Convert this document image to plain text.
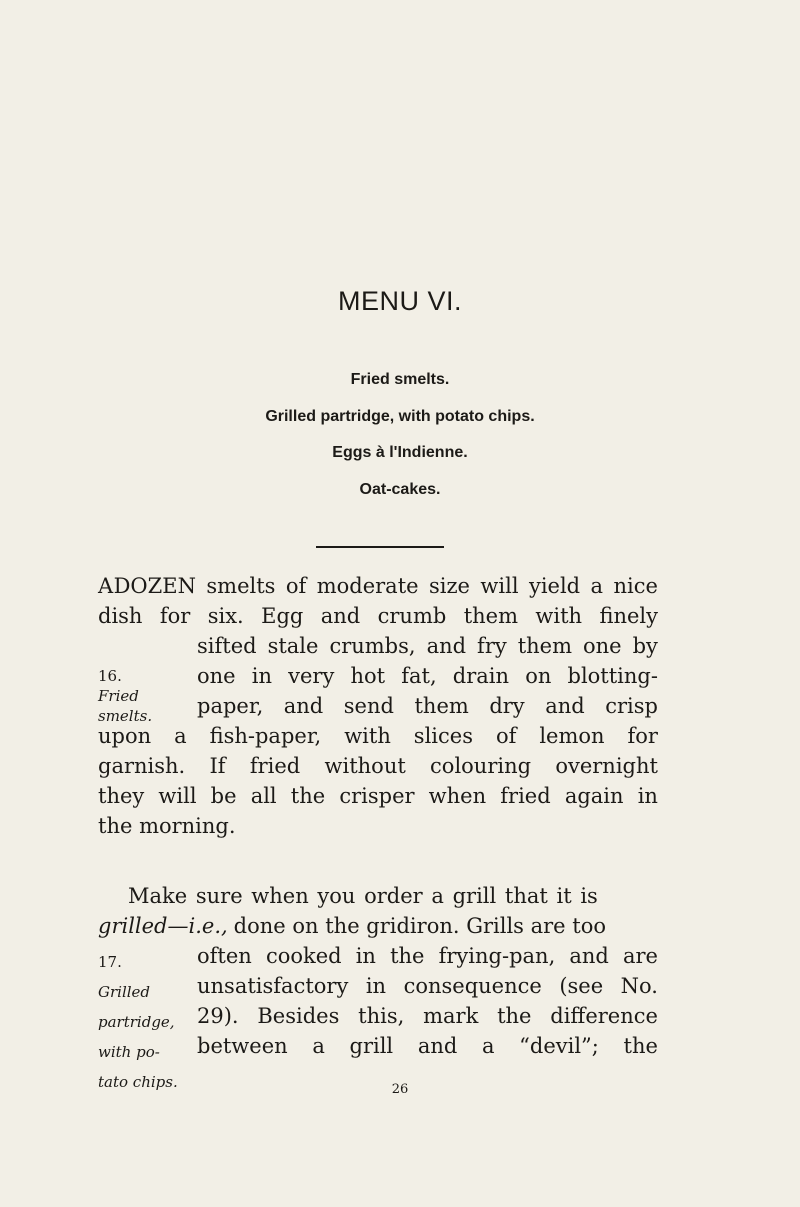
MENU VI.
Fried smelts.
Grilled partridge, with potato chips.
Eggs à l'Indienne.
Oat-cakes.
A DOZEN smelts of moderate size will yield a nice
dish for six. Egg and crumb them with finely
sifted stale crumbs, and fry them one by
one in very hot fat, drain on blotting-
paper, and send them dry and crisp
upon a fish-paper, with slices of lemon for
garnish. If fried without colouring overnight
they will be all the crisper when fried again in
the morning.
16.
Fried
smelts.
Make sure when you order a grill that it is
grilled—i.e., done on the gridiron. Grills are too
often cooked in the frying-pan, and are
unsatisfactory in consequence (see No.
29). Besides this, mark the difference
between a grill and a “devil”; the
17.
Grilled
partridge,
with po-
tato chips.	26
